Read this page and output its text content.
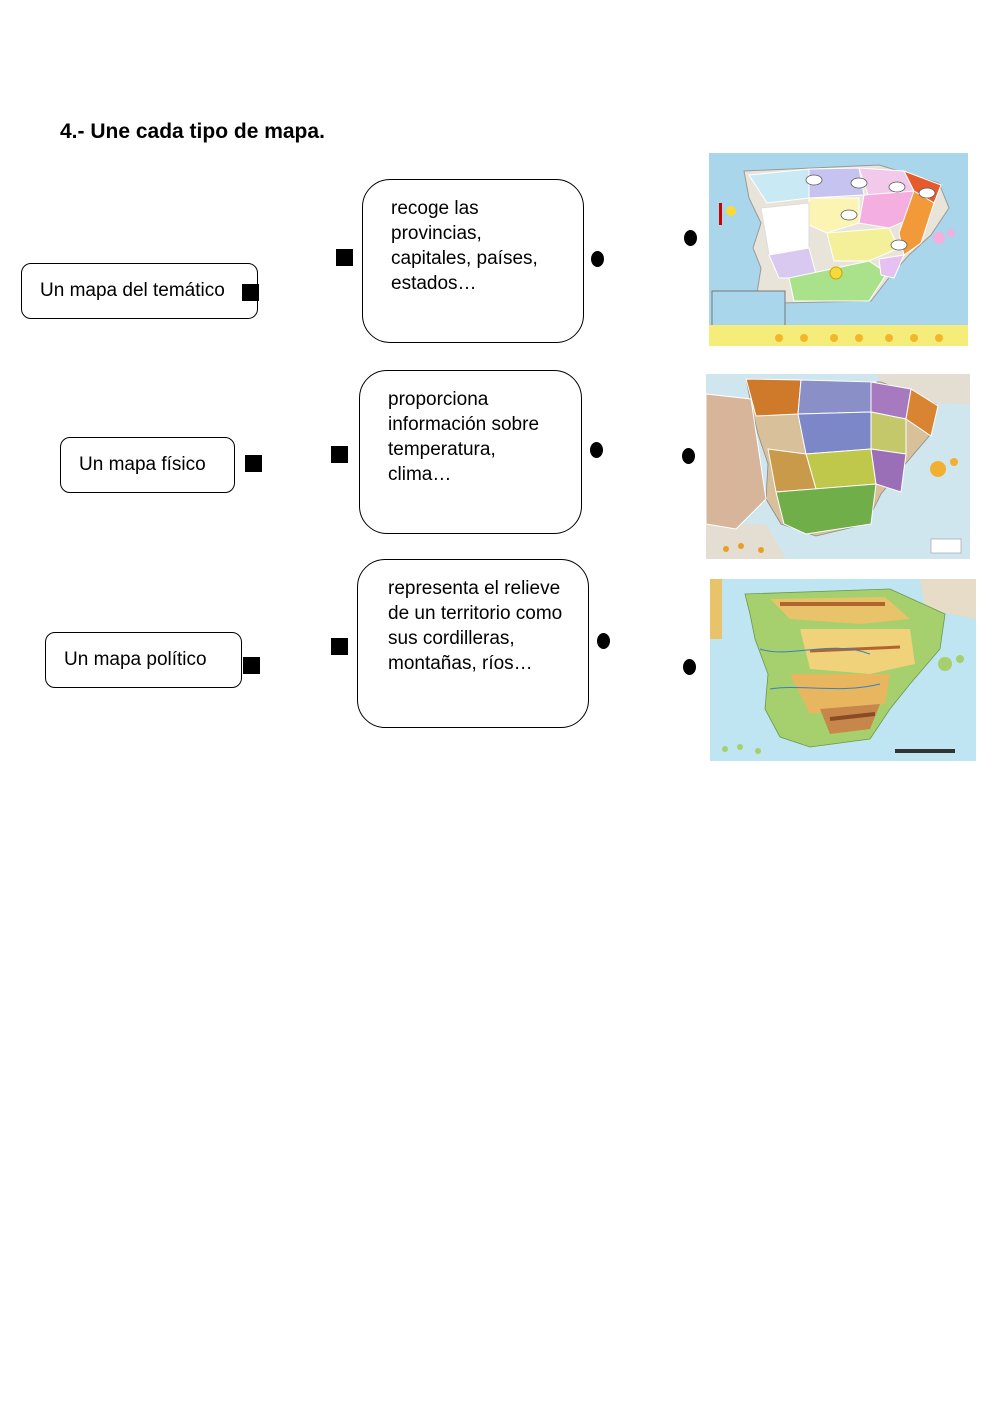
4.- Une cada tipo de mapa.
Un mapa del temático
Un mapa físico
Un mapa político
recoge las provincias, capitales, países, estados…
proporciona información sobre temperatura, clima…
representa el relieve de un territorio como sus cordilleras, montañas, ríos…
